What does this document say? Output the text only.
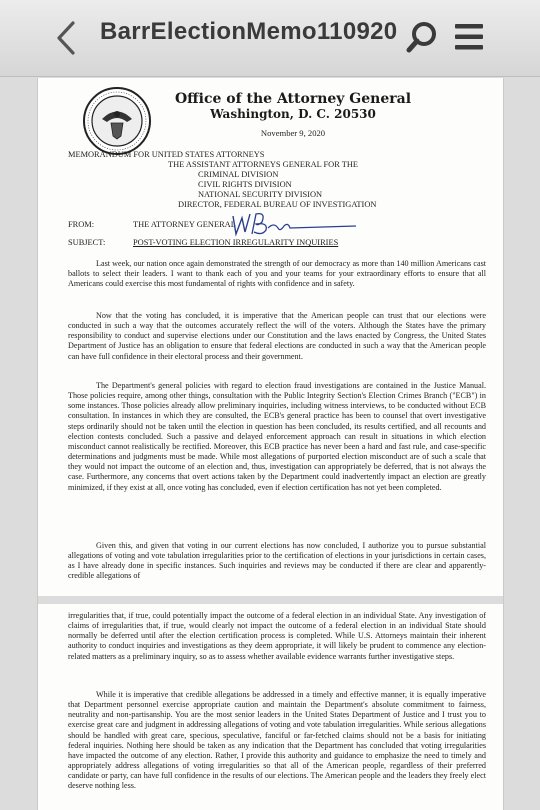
BarrElectionMemo110920
Office of the Attorney General
Washington, D. C. 20530
November 9, 2020
MEMORANDUM FOR UNITED STATES ATTORNEYS
THE ASSISTANT ATTORNEYS GENERAL FOR THE
CRIMINAL DIVISION
CIVIL RIGHTS DIVISION
NATIONAL SECURITY DIVISION
DIRECTOR, FEDERAL BUREAU OF INVESTIGATION
FROM:	THE ATTORNEY GENERAL
SUBJECT:	POST-VOTING ELECTION IRREGULARITY INQUIRIES

Last week, our nation once again demonstrated the strength of our democracy as more than 140 million Americans cast ballots to select their leaders. I want to thank each of you and your teams for your extraordinary efforts to ensure that all Americans could exercise this most fundamental of rights with confidence and in safety.

Now that the voting has concluded, it is imperative that the American people can trust that our elections were conducted in such a way that the outcomes accurately reflect the will of the voters. Although the States have the primary responsibility to conduct and supervise elections under our Constitution and the laws enacted by Congress, the United States Department of Justice has an obligation to ensure that federal elections are conducted in such a way that the American people can have full confidence in their electoral process and their government.

The Department's general policies with regard to election fraud investigations are contained in the Justice Manual. Those policies require, among other things, consultation with the Public Integrity Section's Election Crimes Branch ("ECB") in some instances. Those policies already allow preliminary inquiries, including witness interviews, to be conducted without ECB consultation. In instances in which they are consulted, the ECB's general practice has been to counsel that overt investigative steps ordinarily should not be taken until the election in question has been concluded, its results certified, and all recounts and election contests concluded. Such a passive and delayed enforcement approach can result in situations in which election misconduct cannot realistically be rectified. Moreover, this ECB practice has never been a hard and fast rule, and case-specific determinations and judgments must be made. While most allegations of purported election misconduct are of such a scale that they would not impact the outcome of an election and, thus, investigation can appropriately be deferred, that is not always the case. Furthermore, any concerns that overt actions taken by the Department could inadvertently impact an election are greatly minimized, if they exist at all, once voting has concluded, even if election certification has not yet been completed.

Given this, and given that voting in our current elections has now concluded, I authorize you to pursue substantial allegations of voting and vote tabulation irregularities prior to the certification of elections in your jurisdictions in certain cases, as I have already done in specific instances. Such inquiries and reviews may be conducted if there are clear and apparently-credible allegations of

irregularities that, if true, could potentially impact the outcome of a federal election in an individual State. Any investigation of claims of irregularities that, if true, would clearly not impact the outcome of a federal election in an individual State should normally be deferred until after the election certification process is completed. While U.S. Attorneys maintain their inherent authority to conduct inquiries and investigations as they deem appropriate, it will likely be prudent to commence any election-related matters as a preliminary inquiry, so as to assess whether available evidence warrants further investigative steps.

While it is imperative that credible allegations be addressed in a timely and effective manner, it is equally imperative that Department personnel exercise appropriate caution and maintain the Department's absolute commitment to fairness, neutrality and non-partisanship. You are the most senior leaders in the United States Department of Justice and I trust you to exercise great care and judgment in addressing allegations of voting and vote tabulation irregularities. While serious allegations should be handled with great care, specious, speculative, fanciful or far-fetched claims should not be a basis for initiating federal inquiries. Nothing here should be taken as any indication that the Department has concluded that voting irregularities have impacted the outcome of any election. Rather, I provide this authority and guidance to emphasize the need to timely and appropriately address allegations of voting irregularities so that all of the American people, regardless of their preferred candidate or party, can have full confidence in the results of our elections. The American people and the leaders they freely elect deserve nothing less.
